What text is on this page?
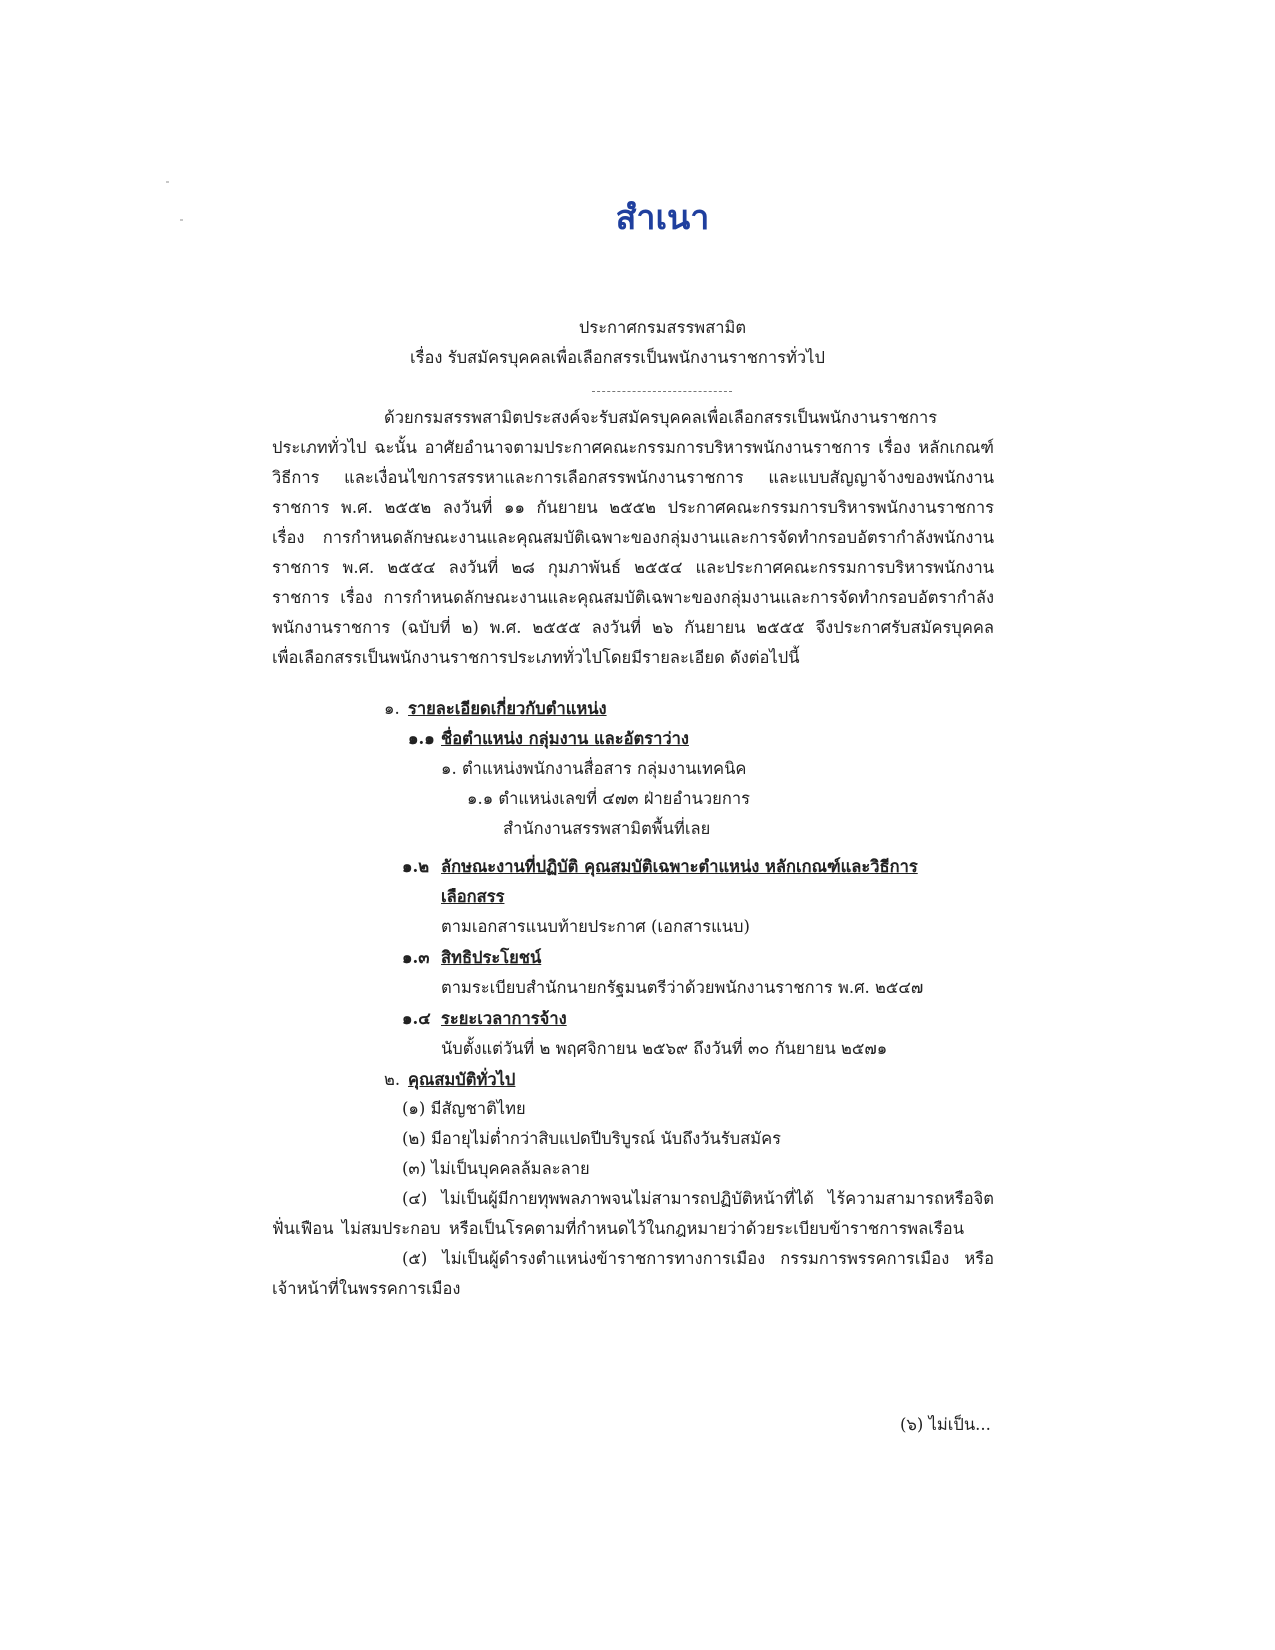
สำเนา
ประกาศกรมสรรพสามิต
เรื่อง รับสมัครบุคคลเพื่อเลือกสรรเป็นพนักงานราชการทั่วไป
ด้วยกรมสรรพสามิตประสงค์จะรับสมัครบุคคลเพื่อเลือกสรรเป็นพนักงานราชการ
ประเภททั่วไป ฉะนั้น อาศัยอำนาจตามประกาศคณะกรรมการบริหารพนักงานราชการ เรื่อง หลักเกณฑ์
วิธีการ และเงื่อนไขการสรรหาและการเลือกสรรพนักงานราชการ และแบบสัญญาจ้างของพนักงาน
ราชการ พ.ศ. ๒๕๕๒ ลงวันที่ ๑๑ กันยายน ๒๕๕๒ ประกาศคณะกรรมการบริหารพนักงานราชการ
เรื่อง การกำหนดลักษณะงานและคุณสมบัติเฉพาะของกลุ่มงานและการจัดทำกรอบอัตรากำลังพนักงาน
ราชการ พ.ศ. ๒๕๕๔ ลงวันที่ ๒๘ กุมภาพันธ์ ๒๕๕๔ และประกาศคณะกรรมการบริหารพนักงาน
ราชการ เรื่อง การกำหนดลักษณะงานและคุณสมบัติเฉพาะของกลุ่มงานและการจัดทำกรอบอัตรากำลัง
พนักงานราชการ (ฉบับที่ ๒) พ.ศ. ๒๕๕๕ ลงวันที่ ๒๖ กันยายน ๒๕๕๕ จึงประกาศรับสมัครบุคคล
เพื่อเลือกสรรเป็นพนักงานราชการประเภททั่วไปโดยมีรายละเอียด ดังต่อไปนี้
๑. รายละเอียดเกี่ยวกับตำแหน่ง
๑.๑ ชื่อตำแหน่ง กลุ่มงาน และอัตราว่าง
๑. ตำแหน่งพนักงานสื่อสาร กลุ่มงานเทคนิค
๑.๑ ตำแหน่งเลขที่ ๔๗๓ ฝ่ายอำนวยการ
สำนักงานสรรพสามิตพื้นที่เลย
๑.๒ ลักษณะงานที่ปฏิบัติ คุณสมบัติเฉพาะตำแหน่ง หลักเกณฑ์และวิธีการ
เลือกสรร
ตามเอกสารแนบท้ายประกาศ (เอกสารแนบ)
๑.๓ สิทธิประโยชน์
ตามระเบียบสำนักนายกรัฐมนตรีว่าด้วยพนักงานราชการ พ.ศ. ๒๕๔๗
๑.๔ ระยะเวลาการจ้าง
นับตั้งแต่วันที่ ๒ พฤศจิกายน ๒๕๖๙ ถึงวันที่ ๓๐ กันยายน ๒๕๗๑
๒. คุณสมบัติทั่วไป
(๑) มีสัญชาติไทย
(๒) มีอายุไม่ต่ำกว่าสิบแปดปีบริบูรณ์ นับถึงวันรับสมัคร
(๓) ไม่เป็นบุคคลล้มละลาย
(๔) ไม่เป็นผู้มีกายทุพพลภาพจนไม่สามารถปฏิบัติหน้าที่ได้ ไร้ความสามารถหรือจิต
ฟั่นเฟือน ไม่สมประกอบ หรือเป็นโรคตามที่กำหนดไว้ในกฎหมายว่าด้วยระเบียบข้าราชการพลเรือน
(๕) ไม่เป็นผู้ดำรงตำแหน่งข้าราชการทางการเมือง กรรมการพรรคการเมือง หรือ
เจ้าหน้าที่ในพรรคการเมือง
(๖) ไม่เป็น...
